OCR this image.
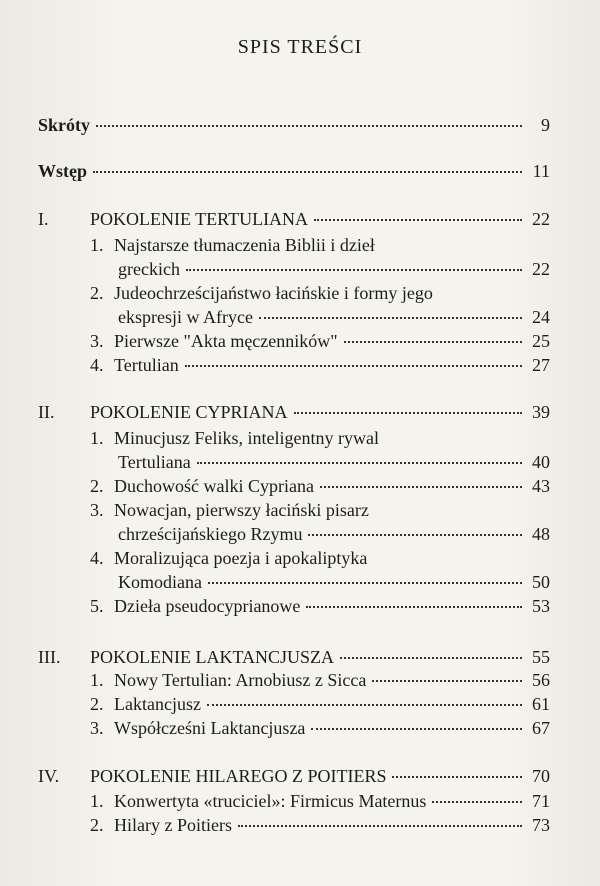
SPIS TREŚCI
Skróty	9
Wstęp	11
I.	POKOLENIE TERTULIANA	22
1. Najstarsze tłumaczenia Biblii i dzieł
greckich	22
2. Judeochrześcijaństwo łacińskie i formy jego
ekspresji w Afryce	24
3. Pierwsze "Akta męczenników"	25
4. Tertulian	27
II.	POKOLENIE CYPRIANA	39
1. Minucjusz Feliks, inteligentny rywal
Tertuliana	40
2. Duchowość walki Cypriana	43
3. Nowacjan, pierwszy łaciński pisarz
chrześcijańskiego Rzymu	48
4. Moralizująca poezja i apokaliptyka
Komodiana	50
5. Dzieła pseudocyprianowe	53
III.	POKOLENIE LAKTANCJUSZA	55
1. Nowy Tertulian: Arnobiusz z Sicca	56
2. Laktancjusz	61
3. Współcześni Laktancjusza	67
IV.	POKOLENIE HILAREGO Z POITIERS	70
1. Konwertyta «truciciel»: Firmicus Maternus	71
2. Hilary z Poitiers	73
